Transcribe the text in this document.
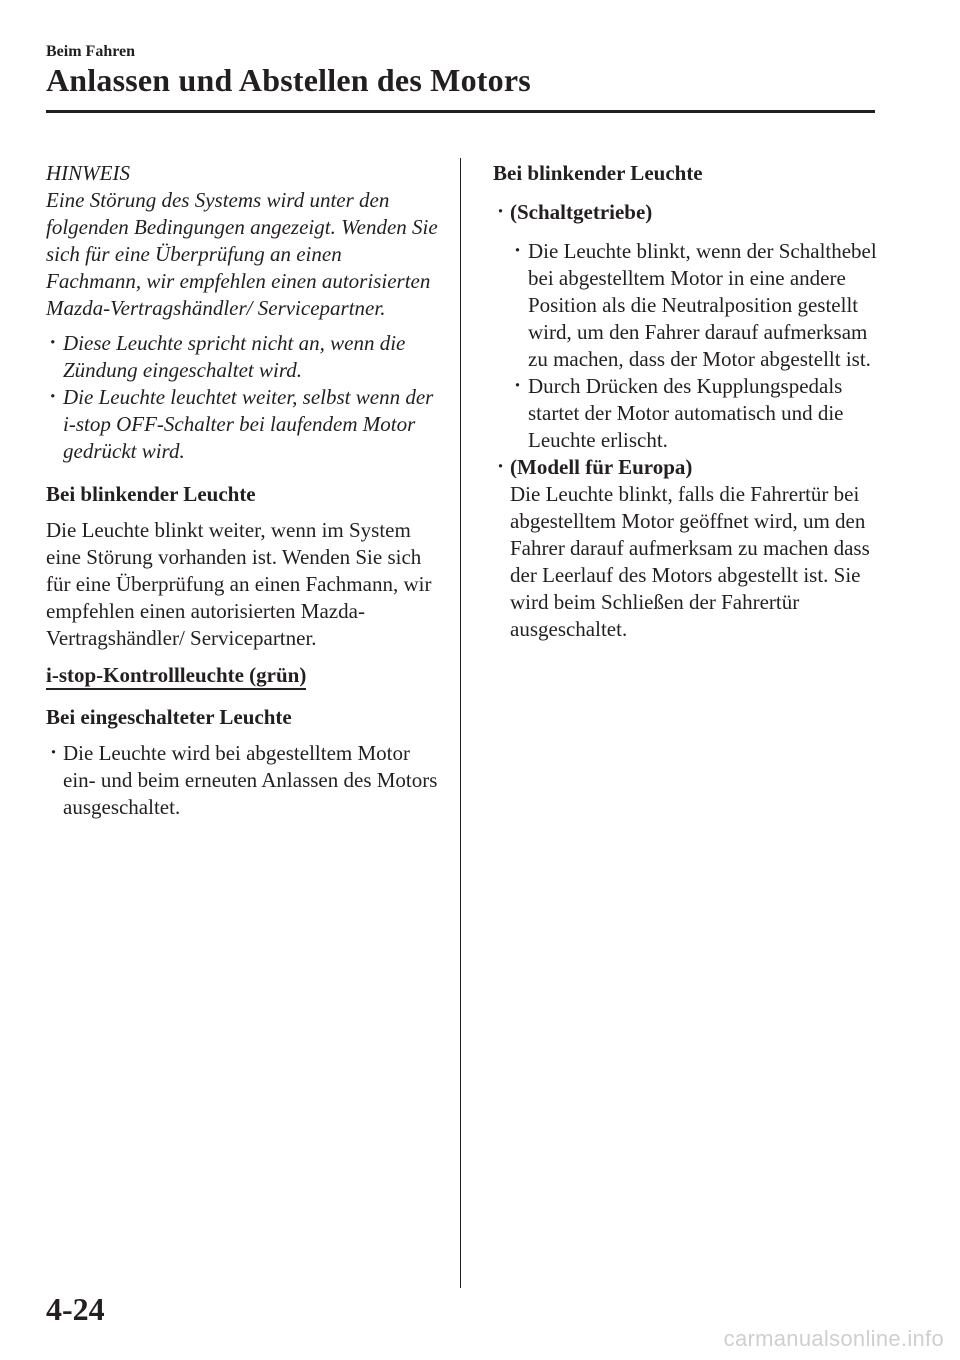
Beim Fahren
Anlassen und Abstellen des Motors
HINWEIS
Eine Störung des Systems wird unter den folgenden Bedingungen angezeigt. Wenden Sie sich für eine Überprüfung an einen Fachmann, wir empfehlen einen autorisierten Mazda-Vertragshändler/ Servicepartner.
· Diese Leuchte spricht nicht an, wenn die Zündung eingeschaltet wird.
· Die Leuchte leuchtet weiter, selbst wenn der i-stop OFF-Schalter bei laufendem Motor gedrückt wird.
Bei blinkender Leuchte
Die Leuchte blinkt weiter, wenn im System eine Störung vorhanden ist. Wenden Sie sich für eine Überprüfung an einen Fachmann, wir empfehlen einen autorisierten Mazda-Vertragshändler/ Servicepartner.
i-stop-Kontrollleuchte (grün)
Bei eingeschalteter Leuchte
· Die Leuchte wird bei abgestelltem Motor ein- und beim erneuten Anlassen des Motors ausgeschaltet.
Bei blinkender Leuchte
· (Schaltgetriebe)
· Die Leuchte blinkt, wenn der Schalthebel bei abgestelltem Motor in eine andere Position als die Neutralposition gestellt wird, um den Fahrer darauf aufmerksam zu machen, dass der Motor abgestellt ist.
· Durch Drücken des Kupplungspedals startet der Motor automatisch und die Leuchte erlischt.
· (Modell für Europa)
Die Leuchte blinkt, falls die Fahrertür bei abgestelltem Motor geöffnet wird, um den Fahrer darauf aufmerksam zu machen dass der Leerlauf des Motors abgestellt ist. Sie wird beim Schließen der Fahrertür ausgeschaltet.
4-24
carmanualsonline.info
